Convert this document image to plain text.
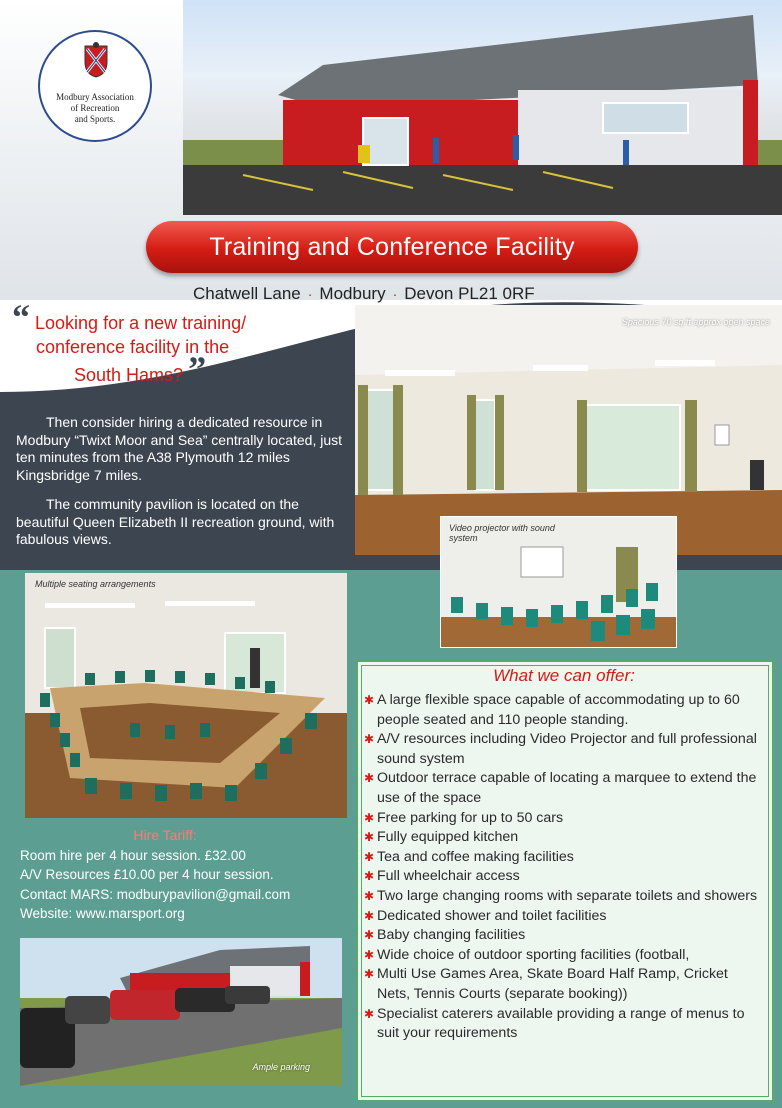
Modbury Association
of Recreation
and Sports.
Training and Conference Facility
Chatwell Lane · Modbury · Devon PL21 0RF
“ Looking for a new training/
conference facility in the
South Hams? ”

Then consider hiring a dedicated resource in Modbury “Twixt Moor and Sea” centrally located, just ten minutes from the A38 Plymouth 12 miles Kingsbridge 7 miles.

The community pavilion is located on the beautiful Queen Elizabeth II recreation ground, with fabulous views.

Spacious 70 sq ft approx open space
Video projector with sound system
Multiple seating arrangements
Hire Tariff:
Room hire per 4 hour session. £32.00
A/V Resources £10.00 per 4 hour session.
Contact MARS: modburypavilion@gmail.com
Website: www.marsport.org
Ample parking
What we can offer:
✱ A large flexible space capable of accommodating up to 60 people seated and 110 people standing.
✱ A/V resources including Video Projector and full professional sound system
✱ Outdoor terrace capable of locating a marquee to extend the use of the space
✱ Free parking for up to 50 cars
✱ Fully equipped kitchen
✱ Tea and coffee making facilities
✱ Full wheelchair access
✱ Two large changing rooms with separate toilets and showers
✱ Dedicated shower and toilet facilities
✱ Baby changing facilities
✱ Wide choice of outdoor sporting facilities (football,
✱ Multi Use Games Area, Skate Board Half Ramp, Cricket Nets, Tennis Courts (separate booking))
✱ Specialist caterers available providing a range of menus to suit your requirements
